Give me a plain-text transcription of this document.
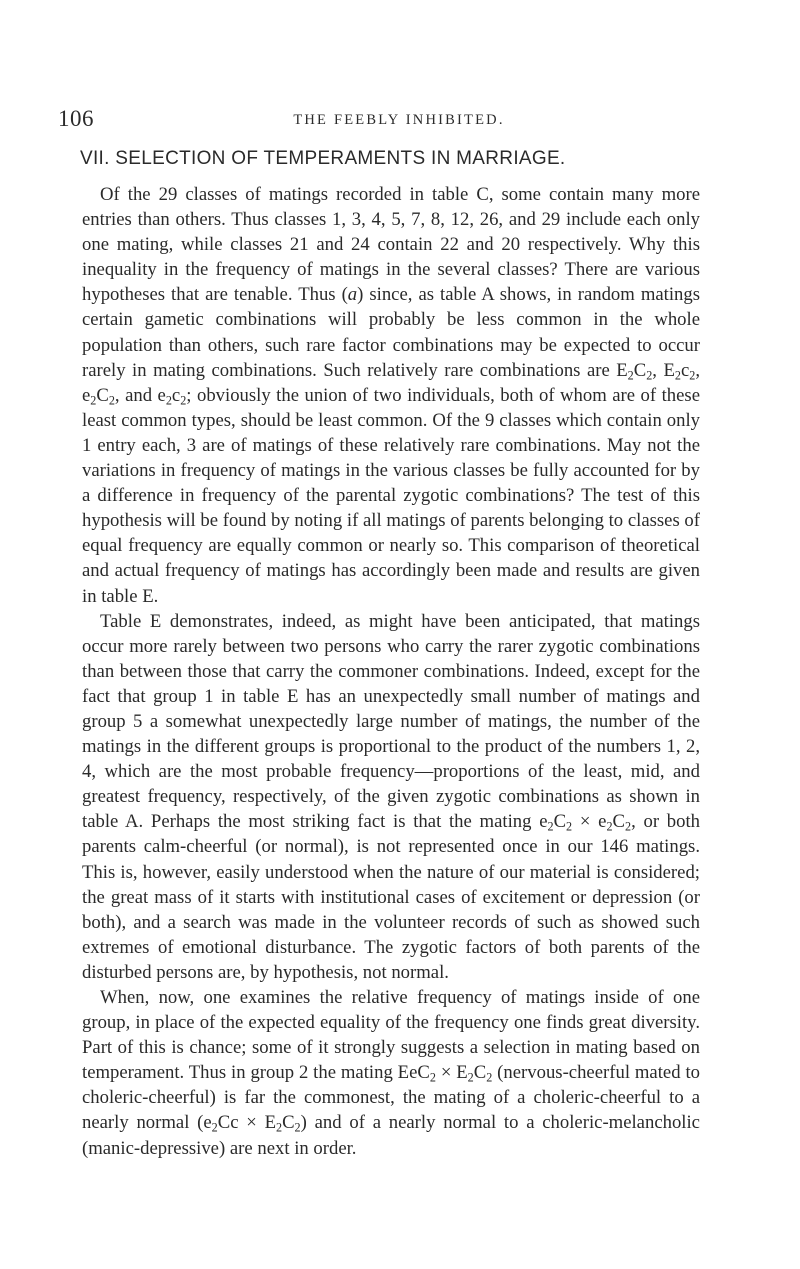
106	THE FEEBLY INHIBITED.
VII. SELECTION OF TEMPERAMENTS IN MARRIAGE.

Of the 29 classes of matings recorded in table C, some contain many more entries than others. Thus classes 1, 3, 4, 5, 7, 8, 12, 26, and 29 include each only one mating, while classes 21 and 24 contain 22 and 20 respectively. Why this inequality in the frequency of matings in the several classes? There are various hypotheses that are tenable. Thus (a) since, as table A shows, in random matings certain gametic combinations will probably be less common in the whole population than others, such rare factor combinations may be expected to occur rarely in mating combinations. Such relatively rare combinations are $E_2C_2$, $E_2c_2$, $e_2C_2$, and $e_2c_2$; obviously the union of two individuals, both of whom are of these least common types, should be least common. Of the 9 classes which contain only 1 entry each, 3 are of matings of these relatively rare combinations. May not the variations in frequency of matings in the various classes be fully accounted for by a difference in frequency of the parental zygotic combinations? The test of this hypothesis will be found by noting if all matings of parents belonging to classes of equal frequency are equally common or nearly so. This comparison of theoretical and actual frequency of matings has accordingly been made and results are given in table E.

Table E demonstrates, indeed, as might have been anticipated, that matings occur more rarely between two persons who carry the rarer zygotic combinations than between those that carry the commoner combinations. Indeed, except for the fact that group 1 in table E has an unexpectedly small number of matings and group 5 a somewhat unexpectedly large number of matings, the number of the matings in the different groups is proportional to the product of the numbers 1, 2, 4, which are the most probable frequency—proportions of the least, mid, and greatest frequency, respectively, of the given zygotic combinations as shown in table A. Perhaps the most striking fact is that the mating $e_2C_2 \times e_2C_2$, or both parents calm-cheerful (or normal), is not represented once in our 146 matings. This is, however, easily understood when the nature of our material is considered; the great mass of it starts with institutional cases of excitement or depression (or both), and a search was made in the volunteer records of such as showed such extremes of emotional disturbance. The zygotic factors of both parents of the disturbed persons are, by hypothesis, not normal.

When, now, one examines the relative frequency of matings inside of one group, in place of the expected equality of the frequency one finds great diversity. Part of this is chance; some of it strongly suggests a selection in mating based on temperament. Thus in group 2 the mating $EeC_2 \times E_2C_2$ (nervous-cheerful mated to choleric-cheerful) is far the commonest, the mating of a choleric-cheerful to a nearly normal $(e_2Cc \times E_2C_2)$ and of a nearly normal to a choleric-melancholic (manic-depressive) are next in order.
